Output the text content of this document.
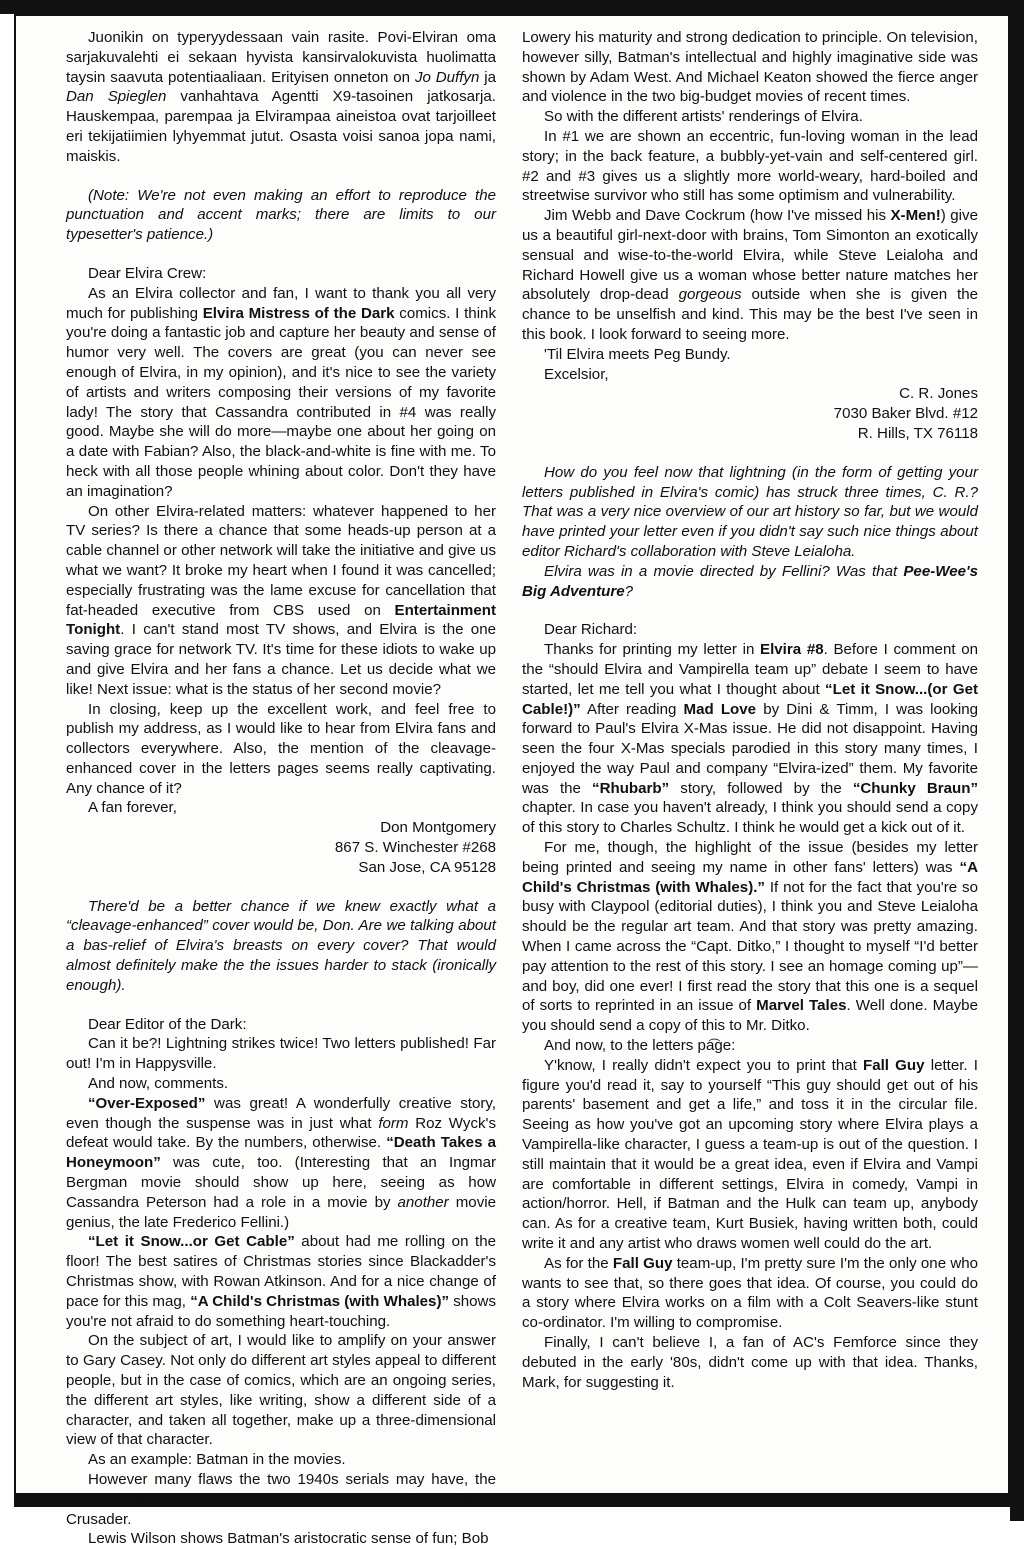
Juonikin on typeryydessaan vain rasite. Povi-Elviran oma sarjakuvalehti ei sekaan hyvista kansirvalokuvista huolimatta taysin saavuta potentiaaliaan. Erityisen onneton on Jo Duffyn ja Dan Spieglen vanhahtava Agentti X9-tasoinen jatkosarja. Hauskempaa, parempaa ja Elvirampaa aineistoa ovat tarjoilleet eri tekijatiimien lyhyemmat jutut. Osasta voisi sanoa jopa nami, maiskis.

(Note: We're not even making an effort to reproduce the punctuation and accent marks; there are limits to our typesetter's patience.)

Dear Elvira Crew:

As an Elvira collector and fan, I want to thank you all very much for publishing Elvira Mistress of the Dark comics. I think you're doing a fantastic job and capture her beauty and sense of humor very well. The covers are great (you can never see enough of Elvira, in my opinion), and it's nice to see the variety of artists and writers composing their versions of my favorite lady! The story that Cassandra contributed in #4 was really good. Maybe she will do more—maybe one about her going on a date with Fabian? Also, the black-and-white is fine with me. To heck with all those people whining about color. Don't they have an imagination?

On other Elvira-related matters: whatever happened to her TV series? Is there a chance that some heads-up person at a cable channel or other network will take the initiative and give us what we want? It broke my heart when I found it was cancelled; especially frustrating was the lame excuse for cancellation that fat-headed executive from CBS used on Entertainment Tonight. I can't stand most TV shows, and Elvira is the one saving grace for network TV. It's time for these idiots to wake up and give Elvira and her fans a chance. Let us decide what we like! Next issue: what is the status of her second movie?

In closing, keep up the excellent work, and feel free to publish my address, as I would like to hear from Elvira fans and collectors everywhere. Also, the mention of the cleavage-enhanced cover in the letters pages seems really captivating. Any chance of it?

A fan forever,

Don Montgomery

867 S. Winchester #268

San Jose, CA 95128

There'd be a better chance if we knew exactly what a “cleavage-enhanced” cover would be, Don. Are we talking about a bas-relief of Elvira's breasts on every cover? That would almost definitely make the the issues harder to stack (ironically enough).

Dear Editor of the Dark:

Can it be?! Lightning strikes twice! Two letters published! Far out! I'm in Happysville.

And now, comments.

“Over-Exposed” was great! A wonderfully creative story, even though the suspense was in just what form Roz Wyck's defeat would take. By the numbers, otherwise. “Death Takes a Honeymoon” was cute, too. (Interesting that an Ingmar Bergman movie should show up here, seeing as how Cassandra Peterson had a role in a movie by another movie genius, the late Frederico Fellini.)

“Let it Snow...or Get Cable” about had me rolling on the floor! The best satires of Christmas stories since Blackadder's Christmas show, with Rowan Atkinson. And for a nice change of pace for this mag, “A Child's Christmas (with Whales)” shows you're not afraid to do something heart-touching.

On the subject of art, I would like to amplify on your answer to Gary Casey. Not only do different art styles appeal to different people, but in the case of comics, which are an ongoing series, the different art styles, like writing, show a different side of a character, and taken all together, make up a three-dimensional view of that character.

As an example: Batman in the movies.

However many flaws the two 1940s serials may have, the lead characters do justice to their portrayals of the Caped Crusader.

Lewis Wilson shows Batman's aristocratic sense of fun; Bob

Lowery his maturity and strong dedication to principle. On television, however silly, Batman's intellectual and highly imaginative side was shown by Adam West. And Michael Keaton showed the fierce anger and violence in the two big-budget movies of recent times.

So with the different artists' renderings of Elvira.

In #1 we are shown an eccentric, fun-loving woman in the lead story; in the back feature, a bubbly-yet-vain and self-centered girl. #2 and #3 gives us a slightly more world-weary, hard-boiled and streetwise survivor who still has some optimism and vulnerability.

Jim Webb and Dave Cockrum (how I've missed his X-Men!) give us a beautiful girl-next-door with brains, Tom Simonton an exotically sensual and wise-to-the-world Elvira, while Steve Leialoha and Richard Howell give us a woman whose better nature matches her absolutely drop-dead gorgeous outside when she is given the chance to be unselfish and kind. This may be the best I've seen in this book. I look forward to seeing more.

'Til Elvira meets Peg Bundy.

Excelsior,

C. R. Jones

7030 Baker Blvd. #12

R. Hills, TX 76118

How do you feel now that lightning (in the form of getting your letters published in Elvira's comic) has struck three times, C. R.? That was a very nice overview of our art history so far, but we would have printed your letter even if you didn't say such nice things about editor Richard's collaboration with Steve Leialoha.

Elvira was in a movie directed by Fellini? Was that Pee-Wee's Big Adventure?

Dear Richard:

Thanks for printing my letter in Elvira #8. Before I comment on the “should Elvira and Vampirella team up” debate I seem to have started, let me tell you what I thought about “Let it Snow...(or Get Cable!)” After reading Mad Love by Dini & Timm, I was looking forward to Paul's Elvira X-Mas issue. He did not disappoint. Having seen the four X-Mas specials parodied in this story many times, I enjoyed the way Paul and company “Elvira-ized” them. My favorite was the “Rhubarb” story, followed by the “Chunky Braun” chapter. In case you haven't already, I think you should send a copy of this story to Charles Schultz. I think he would get a kick out of it.

For me, though, the highlight of the issue (besides my letter being printed and seeing my name in other fans' letters) was “A Child's Christmas (with Whales).” If not for the fact that you're so busy with Claypool (editorial duties), I think you and Steve Leialoha should be the regular art team. And that story was pretty amazing. When I came across the “Capt. Ditko,” I thought to myself “I'd better pay attention to the rest of this story. I see an homage coming up”—and boy, did one ever! I first read the story that this one is a sequel of sorts to reprinted in an issue of Marvel Tales. Well done. Maybe you should send a copy of this to Mr. Ditko.

And now, to the letters pa͡ge:

Y'know, I really didn't expect you to print that Fall Guy letter. I figure you'd read it, say to yourself “This guy should get out of his parents' basement and get a life,” and toss it in the circular file. Seeing as how you've got an upcoming story where Elvira plays a Vampirella-like character, I guess a team-up is out of the question. I still maintain that it would be a great idea, even if Elvira and Vampi are comfortable in different settings, Elvira in comedy, Vampi in action/horror. Hell, if Batman and the Hulk can team up, anybody can. As for a creative team, Kurt Busiek, having written both, could write it and any artist who draws women well could do the art.

As for the Fall Guy team-up, I'm pretty sure I'm the only one who wants to see that, so there goes that idea. Of course, you could do a story where Elvira works on a film with a Colt Seavers-like stunt co-ordinator. I'm willing to compromise.

Finally, I can't believe I, a fan of AC's Femforce since they debuted in the early '80s, didn't come up with that idea. Thanks, Mark, for suggesting it.
